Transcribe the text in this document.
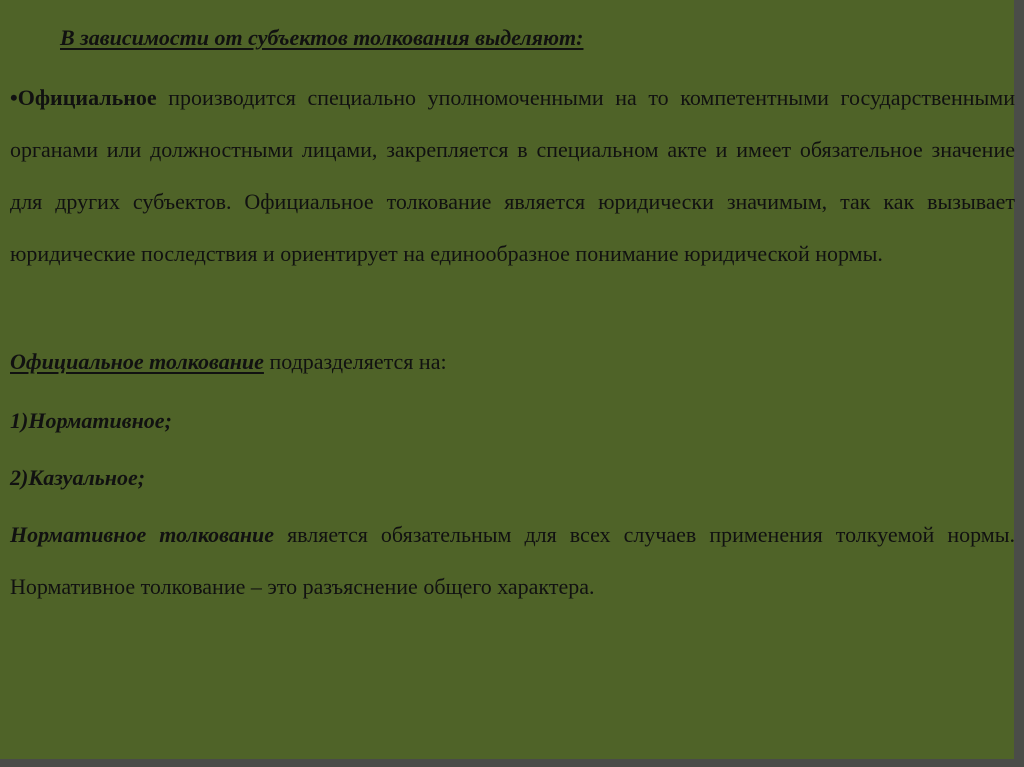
В зависимости от субъектов толкования выделяют:

•Официальное производится специально уполномоченными на то компетентными государственными органами или должностными лицами, закрепляется в специальном акте и имеет обязательное значение для других субъектов. Официальное толкование является юридически значимым, так как вызывает юридические последствия и ориентирует на единообразное понимание юридической нормы.

Официальное толкование подразделяется на:

1)Нормативное;

2)Казуальное;

Нормативное толкование является обязательным для всех случаев применения толкуемой нормы. Нормативное толкование – это разъяснение общего характера.
